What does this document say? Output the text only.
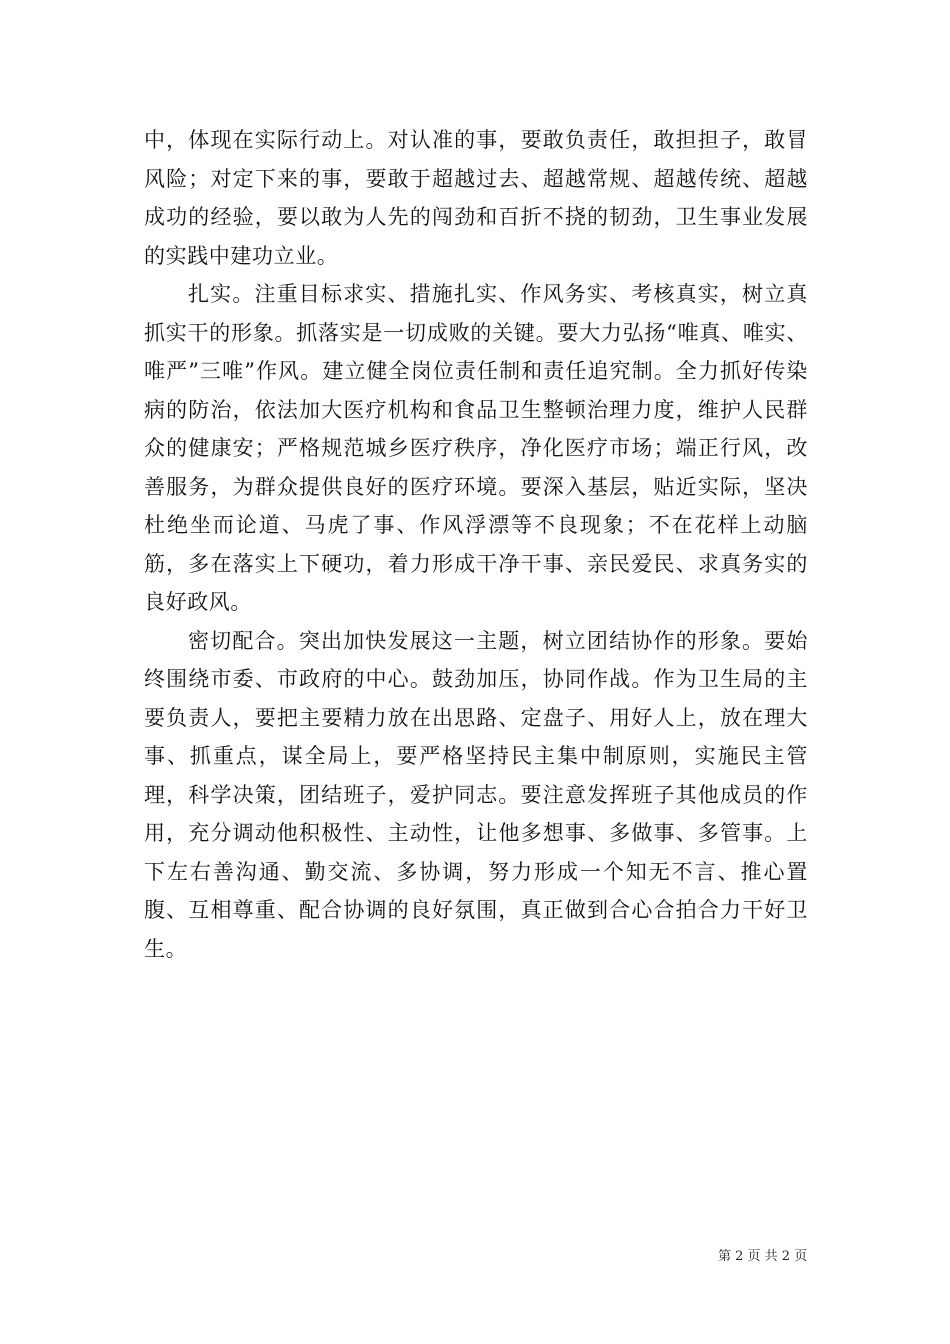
中，体现在实际行动上。对认准的事，要敢负责任，敢担担子，敢冒风险；对定下来的事，要敢于超越过去、超越常规、超越传统、超越成功的经验，要以敢为人先的闯劲和百折不挠的韧劲，卫生事业发展的实践中建功立业。

扎实。注重目标求实、措施扎实、作风务实、考核真实，树立真抓实干的形象。抓落实是一切成败的关键。要大力弘扬“唯真、唯实、唯严”三唯”作风。建立健全岗位责任制和责任追究制。全力抓好传染病的防治，依法加大医疗机构和食品卫生整顿治理力度，维护人民群众的健康安；严格规范城乡医疗秩序，净化医疗市场；端正行风，改善服务，为群众提供良好的医疗环境。要深入基层，贴近实际，坚决杜绝坐而论道、马虎了事、作风浮漂等不良现象；不在花样上动脑筋，多在落实上下硬功，着力形成干净干事、亲民爱民、求真务实的良好政风。

密切配合。突出加快发展这一主题，树立团结协作的形象。要始终围绕市委、市政府的中心。鼓劲加压，协同作战。作为卫生局的主要负责人，要把主要精力放在出思路、定盘子、用好人上，放在理大事、抓重点，谋全局上，要严格坚持民主集中制原则，实施民主管理，科学决策，团结班子，爱护同志。要注意发挥班子其他成员的作用，充分调动他积极性、主动性，让他多想事、多做事、多管事。上下左右善沟通、勤交流、多协调，努力形成一个知无不言、推心置腹、互相尊重、配合协调的良好氛围，真正做到合心合拍合力干好卫生。

第 2 页 共 2 页
